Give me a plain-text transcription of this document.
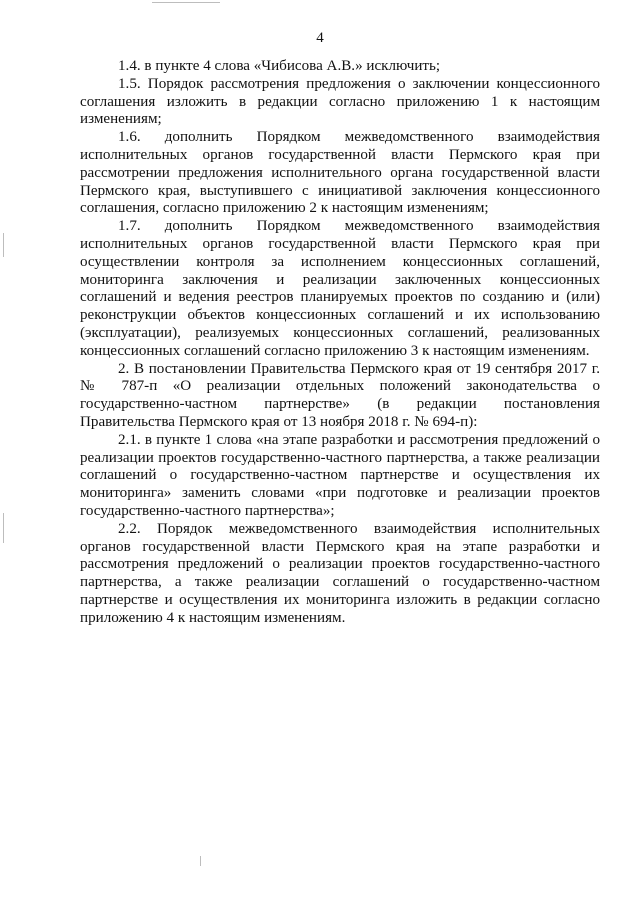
4

1.4. в пункте 4 слова «Чибисова А.В.» исключить;

1.5. Порядок рассмотрения предложения о заключении концессионного соглашения изложить в редакции согласно приложению 1 к настоящим изменениям;

1.6. дополнить Порядком межведомственного взаимодействия исполнительных органов государственной власти Пермского края при рассмотрении предложения исполнительного органа государственной власти Пермского края, выступившего с инициативой заключения концессионного соглашения, согласно приложению 2 к настоящим изменениям;

1.7. дополнить Порядком межведомственного взаимодействия исполнительных органов государственной власти Пермского края при осуществлении контроля за исполнением концессионных соглашений, мониторинга заключения и реализации заключенных концессионных соглашений и ведения реестров планируемых проектов по созданию и (или) реконструкции объектов концессионных соглашений и их использованию (эксплуатации), реализуемых концессионных соглашений, реализованных концессионных соглашений согласно приложению 3 к настоящим изменениям.

2. В постановлении Правительства Пермского края от 19 сентября 2017 г. № 787-п «О реализации отдельных положений законодательства о государственно-частном партнерстве» (в редакции постановления Правительства Пермского края от 13 ноября 2018 г. № 694-п):

2.1. в пункте 1 слова «на этапе разработки и рассмотрения предложений о реализации проектов государственно-частного партнерства, а также реализации соглашений о государственно-частном партнерстве и осуществления их мониторинга» заменить словами «при подготовке и реализации проектов государственно-частного партнерства»;

2.2. Порядок межведомственного взаимодействия исполнительных органов государственной власти Пермского края на этапе разработки и рассмотрения предложений о реализации проектов государственно-частного партнерства, а также реализации соглашений о государственно-частном партнерстве и осуществления их мониторинга изложить в редакции согласно приложению 4 к настоящим изменениям.
